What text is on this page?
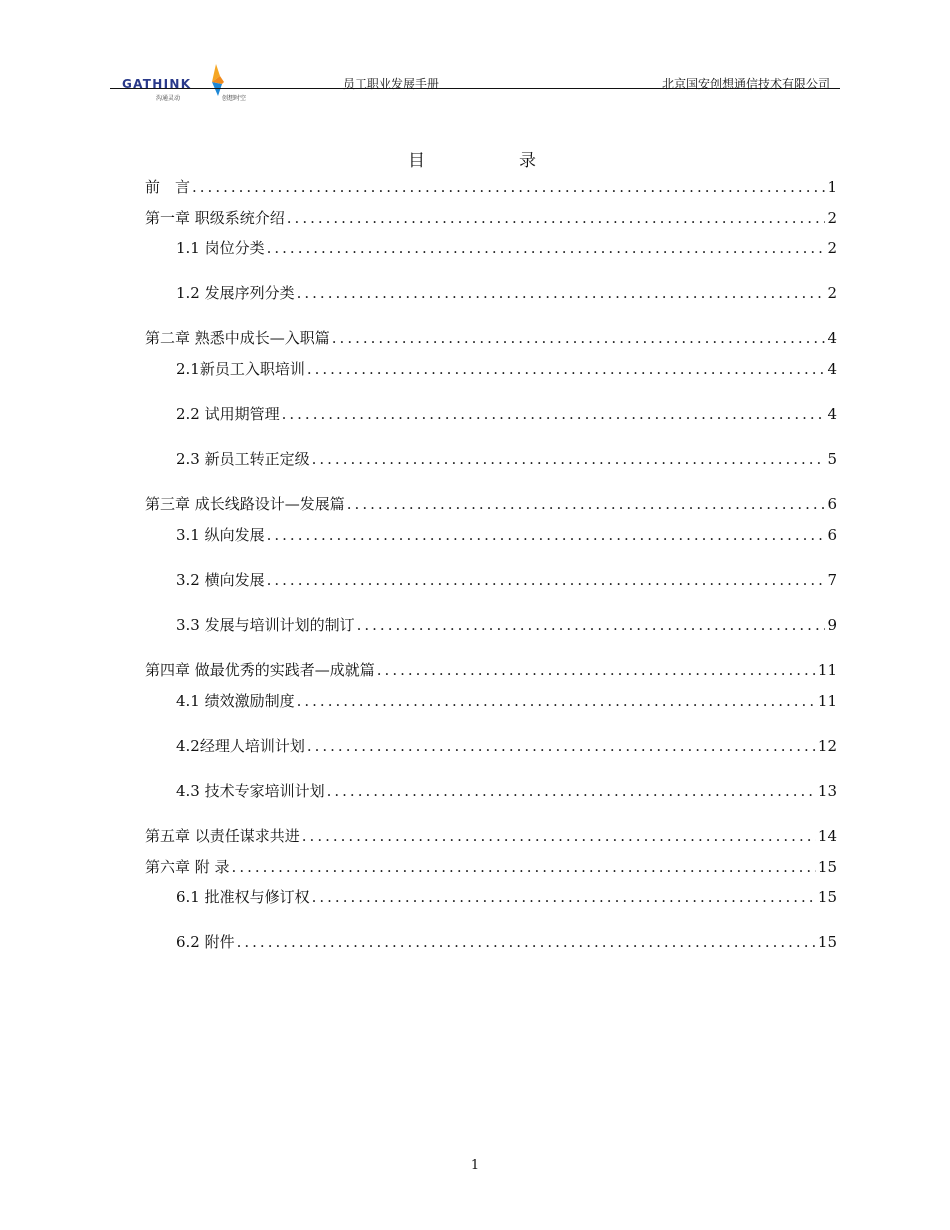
GATHINK
沟通灵动	创想时空
员工职业发展手册	北京国安创想通信技术有限公司
目	录
前　言 .....	1
第一章 职级系统介绍 .....	2
1.1 岗位分类 .....	2
1.2 发展序列分类 .....	2
第二章 熟悉中成长—入职篇 .....	4
2.1新员工入职培训 .....	4
2.2 试用期管理 .....	4
2.3 新员工转正定级 .....	5
第三章 成长线路设计—发展篇 .....	6
3.1 纵向发展 .....	6
3.2 横向发展 .....	7
3.3 发展与培训计划的制订 .....	9
第四章 做最优秀的实践者—成就篇 .....	11
4.1 绩效激励制度 .....	11
4.2经理人培训计划 .....	12
4.3 技术专家培训计划 .....	13
第五章 以责任谋求共进 .....	14
第六章 附 录 .....	15
6.1 批准权与修订权 .....	15
6.2 附件 .....	15
1
